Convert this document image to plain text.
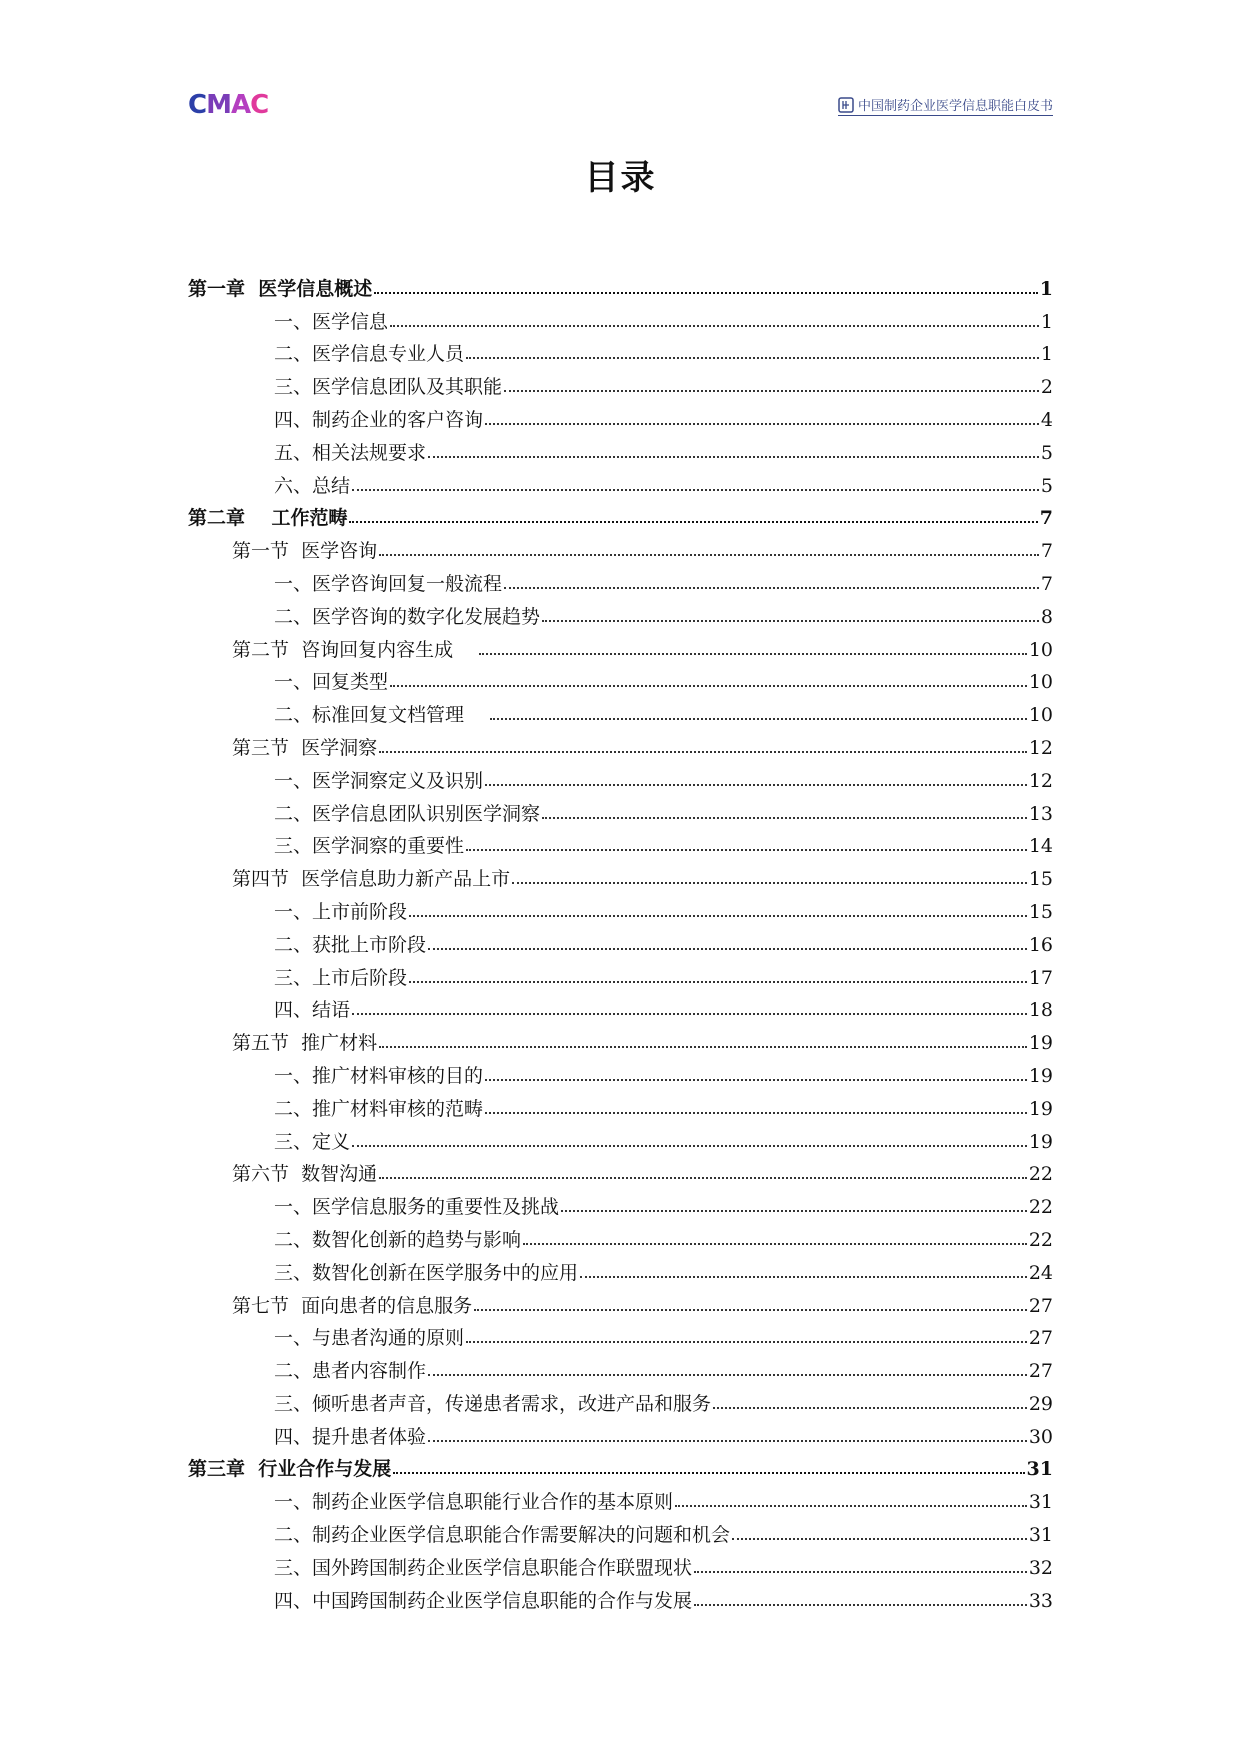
CMAC	中国制药企业医学信息职能白皮书
目录
第一章  医学信息概述	1
一、医学信息	1
二、医学信息专业人员	1
三、医学信息团队及其职能	2
四、制药企业的客户咨询	4
五、相关法规要求	5
六、总结	5
第二章    工作范畴	7
第一节  医学咨询	7
一、医学咨询回复一般流程	7
二、医学咨询的数字化发展趋势	8
第二节  咨询回复内容生成	10
一、回复类型	10
二、标准回复文档管理	10
第三节  医学洞察	12
一、医学洞察定义及识别	12
二、医学信息团队识别医学洞察	13
三、医学洞察的重要性	14
第四节  医学信息助力新产品上市	15
一、上市前阶段	15
二、获批上市阶段	16
三、上市后阶段	17
四、结语	18
第五节  推广材料	19
一、推广材料审核的目的	19
二、推广材料审核的范畴	19
三、定义	19
第六节  数智沟通	22
一、医学信息服务的重要性及挑战	22
二、数智化创新的趋势与影响	22
三、数智化创新在医学服务中的应用	24
第七节  面向患者的信息服务	27
一、与患者沟通的原则	27
二、患者内容制作	27
三、倾听患者声音，传递患者需求，改进产品和服务	29
四、提升患者体验	30
第三章  行业合作与发展	31
一、制药企业医学信息职能行业合作的基本原则	31
二、制药企业医学信息职能合作需要解决的问题和机会	31
三、国外跨国制药企业医学信息职能合作联盟现状	32
四、中国跨国制药企业医学信息职能的合作与发展	33
